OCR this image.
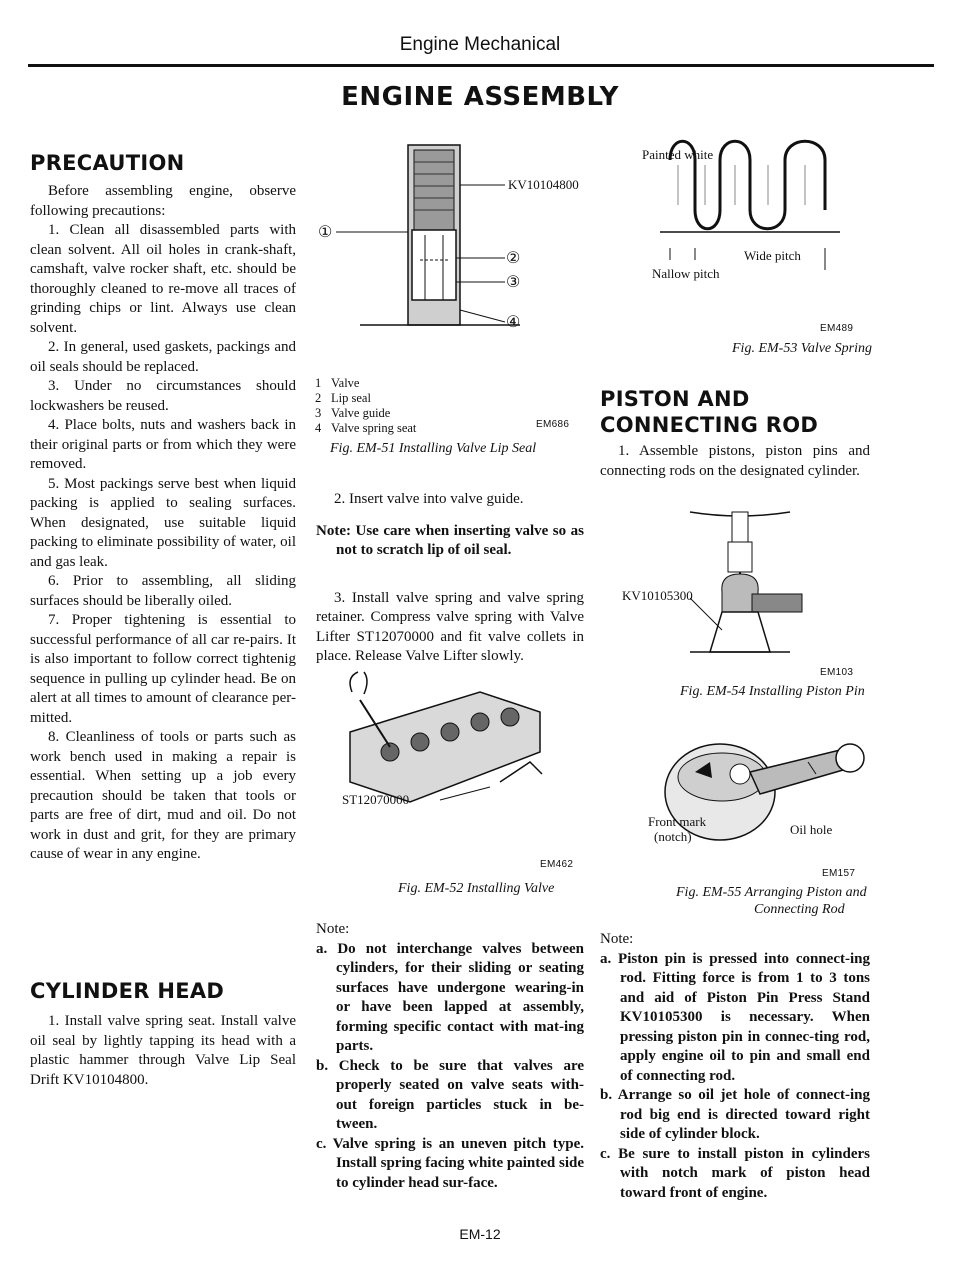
Engine Mechanical
ENGINE ASSEMBLY
PRECAUTION

Before assembling engine, observe following precautions:

1. Clean all disassembled parts with clean solvent. All oil holes in crank-shaft, camshaft, valve rocker shaft, etc. should be thoroughly cleaned to re-move all traces of grinding chips or lint. Always use clean solvent.

2. In general, used gaskets, packings and oil seals should be replaced.

3. Under no circumstances should lockwashers be reused.

4. Place bolts, nuts and washers back in their original parts or from which they were removed.

5. Most packings serve best when liquid packing is applied to sealing surfaces. When designated, use suitable liquid packing to eliminate possibility of water, oil and gas leak.

6. Prior to assembling, all sliding surfaces should be liberally oiled.

7. Proper tightening is essential to successful performance of all car re-pairs. It is also important to follow correct tightenig sequence in pulling up cylinder head. Be on alert at all times to amount of clearance per-mitted.

8. Cleanliness of tools or parts such as work bench used in making a repair is essential. When setting up a job every precaution should be taken that tools or parts are free of dirt, mud and oil. Do not work in dust and grit, for they are primary cause of wear in any engine.

CYLINDER HEAD

1. Install valve spring seat. Install valve oil seal by lightly tapping its head with a plastic hammer through Valve Lip Seal Drift KV10104800.

KV10104800
①
②
③
④
1 Valve
2 Lip seal
3 Valve guide
4 Valve spring seat	EM686
Fig. EM-51 Installing Valve Lip Seal

2. Insert valve into valve guide.

Note: Use care when inserting valve so as not to scratch lip of oil seal.

3. Install valve spring and valve spring retainer. Compress valve spring with Valve Lifter ST12070000 and fit valve collets in place. Release Valve Lifter slowly.

ST12070000
EM462
Fig. EM-52 Installing Valve

Note:

a. Do not interchange valves between cylinders, for their sliding or seating surfaces have undergone wearing-in or have been lapped at assembly, forming specific contact with mat-ing parts.

b. Check to be sure that valves are properly seated on valve seats with-out foreign particles stuck in be-tween.

c. Valve spring is an uneven pitch type. Install spring facing white painted side to cylinder head sur-face.

Painted white
Nallow pitch
Wide pitch
EM489
Fig. EM-53 Valve Spring
PISTON AND
CONNECTING ROD

1. Assemble pistons, piston pins and connecting rods on the designated cylinder.

KV10105300
EM103
Fig. EM-54 Installing Piston Pin
Front mark
(notch)	Oil hole
EM157
Fig. EM-55 Arranging Piston and
Connecting Rod

Note:

a. Piston pin is pressed into connect-ing rod. Fitting force is from 1 to 3 tons and aid of Piston Pin Press Stand KV10105300 is necessary. When pressing piston pin in connec-ting rod, apply engine oil to pin and small end of connecting rod.

b. Arrange so oil jet hole of connect-ing rod big end is directed toward right side of cylinder block.

c. Be sure to install piston in cylinders with notch mark of piston head toward front of engine.

EM-12
